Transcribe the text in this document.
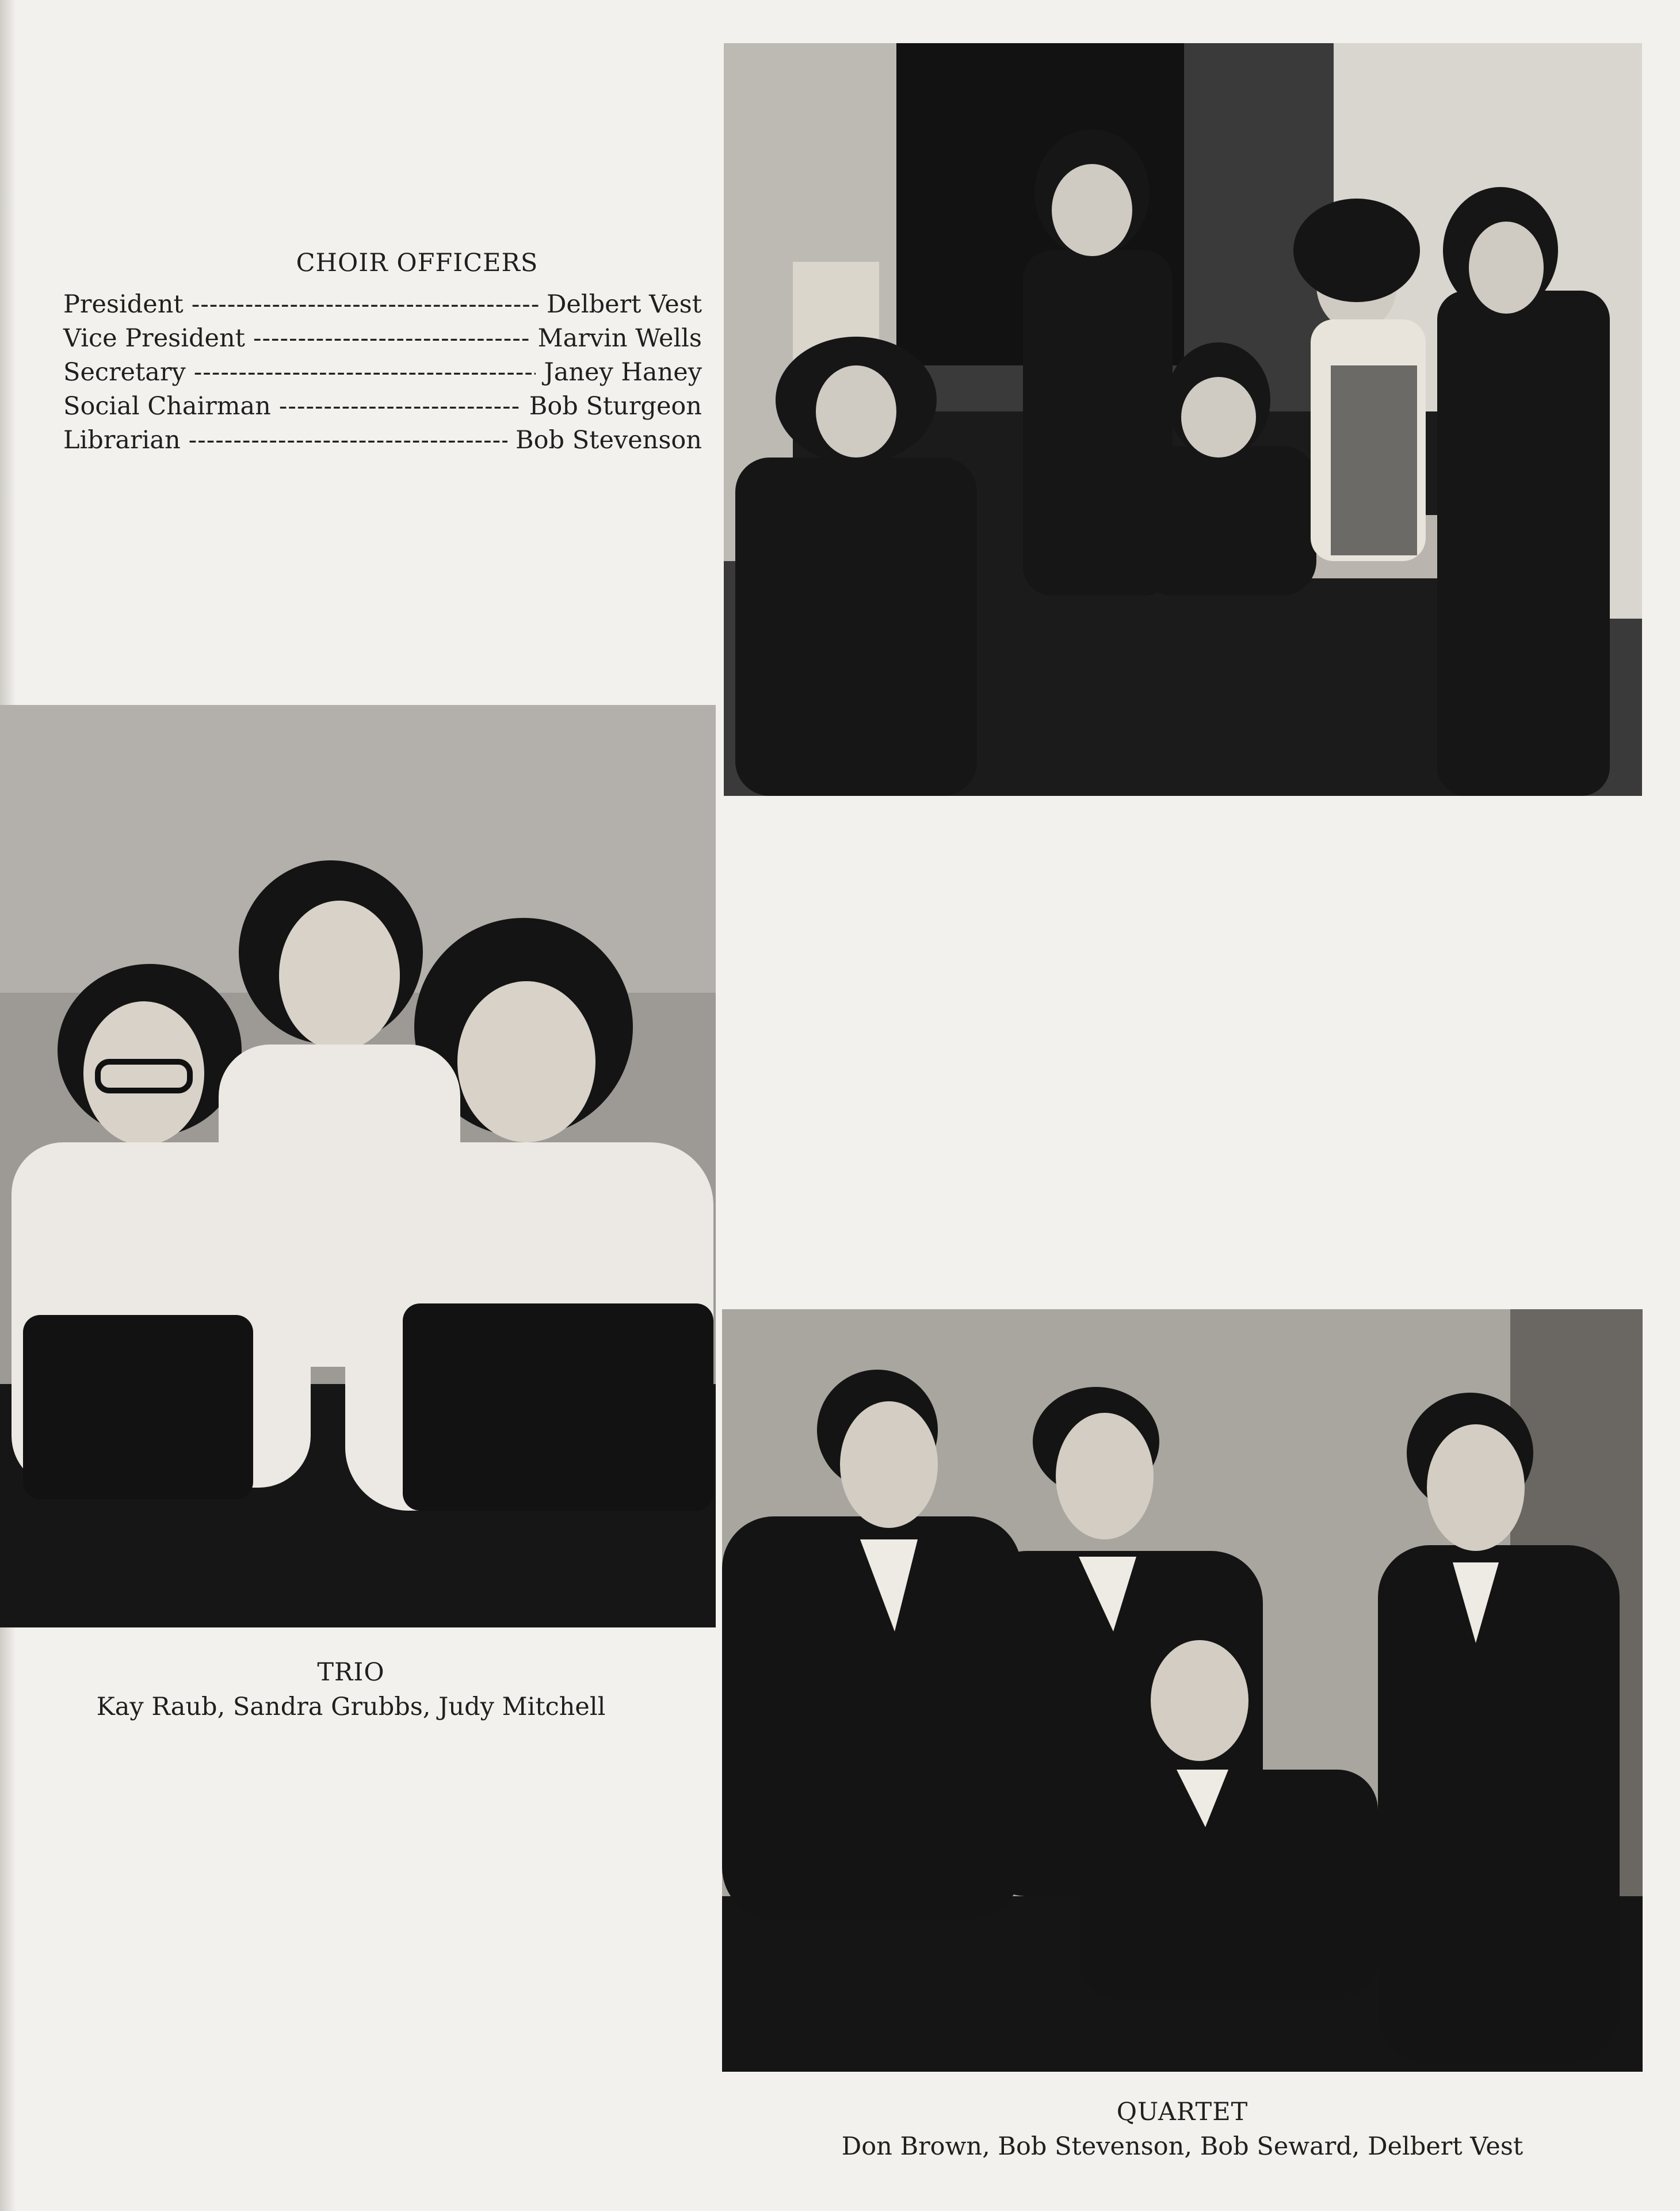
CHOIR OFFICERS
President -----	Delbert Vest
Vice President -----	Marvin Wells
Secretary -----	Janey Haney
Social Chairman -----	Bob Sturgeon
Librarian -----	Bob Stevenson
TRIO
Kay Raub, Sandra Grubbs, Judy Mitchell
QUARTET
Don Brown, Bob Stevenson, Bob Seward, Delbert Vest
